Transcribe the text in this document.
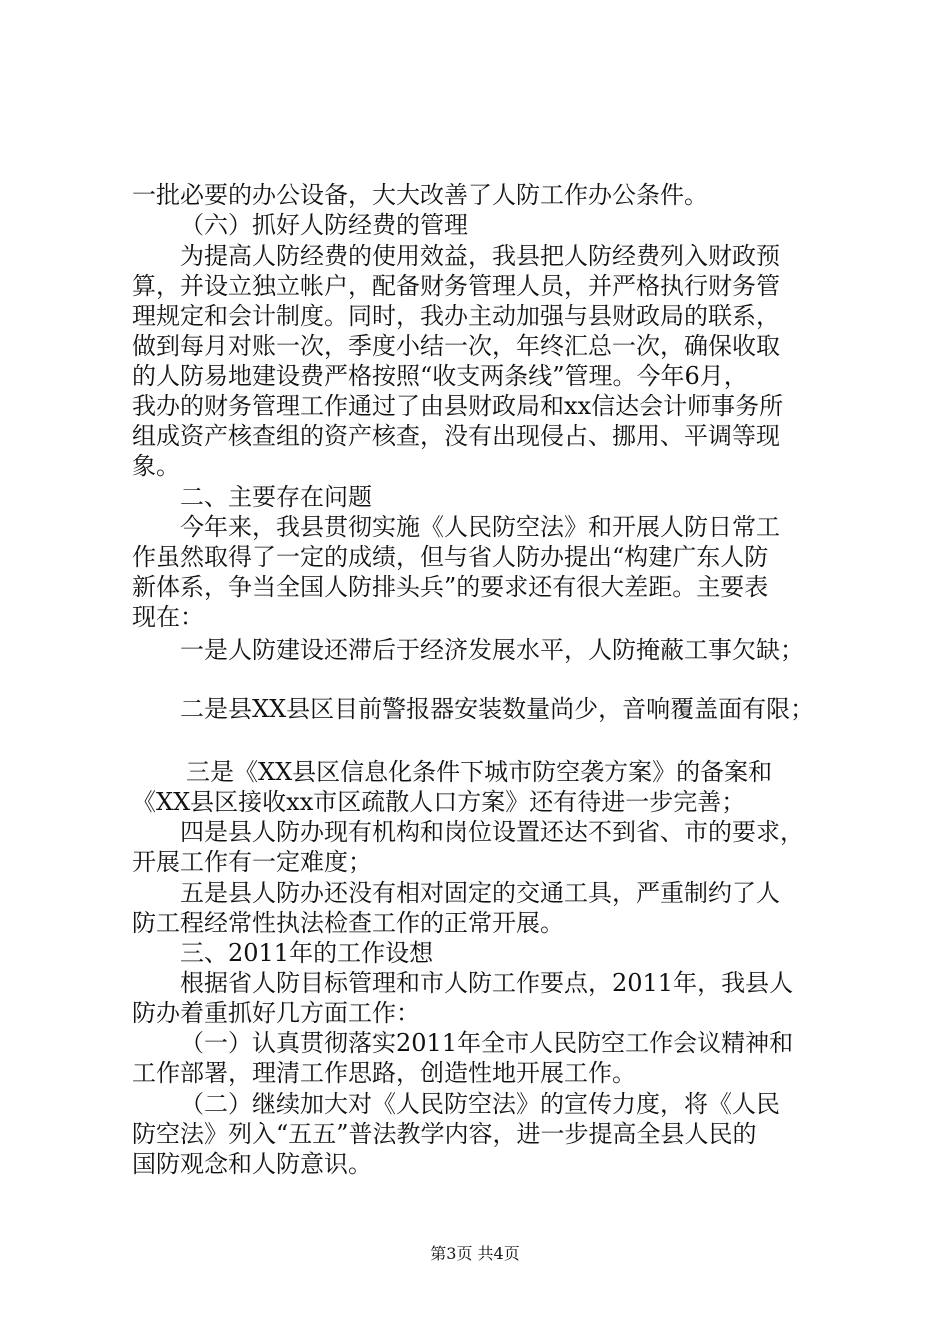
一批必要的办公设备，大大改善了人防工作办公条件。
（六）抓好人防经费的管理
为提高人防经费的使用效益，我县把人防经费列入财政预
算，并设立独立帐户，配备财务管理人员，并严格执行财务管
理规定和会计制度。同时，我办主动加强与县财政局的联系，
做到每月对账一次，季度小结一次，年终汇总一次，确保收取
的人防易地建设费严格按照“收支两条线”管理。今年6月，
我办的财务管理工作通过了由县财政局和xx信达会计师事务所
组成资产核查组的资产核查，没有出现侵占、挪用、平调等现
象。
二、主要存在问题
今年来，我县贯彻实施《人民防空法》和开展人防日常工
作虽然取得了一定的成绩，但与省人防办提出“构建广东人防
新体系，争当全国人防排头兵”的要求还有很大差距。主要表
现在：
一是人防建设还滞后于经济发展水平，人防掩蔽工事欠缺；
二是县XX县区目前警报器安装数量尚少，音响覆盖面有限；
三是《XX县区信息化条件下城市防空袭方案》的备案和
《XX县区接收xx市区疏散人口方案》还有待进一步完善；
四是县人防办现有机构和岗位设置还达不到省、市的要求，
开展工作有一定难度；
五是县人防办还没有相对固定的交通工具，严重制约了人
防工程经常性执法检查工作的正常开展。
三、2011年的工作设想
根据省人防目标管理和市人防工作要点，2011年，我县人
防办着重抓好几方面工作：
（一）认真贯彻落实2011年全市人民防空工作会议精神和
工作部署，理清工作思路，创造性地开展工作。
（二）继续加大对《人民防空法》的宣传力度，将《人民
防空法》列入“五五”普法教学内容，进一步提高全县人民的
国防观念和人防意识。
第3页 共4页
